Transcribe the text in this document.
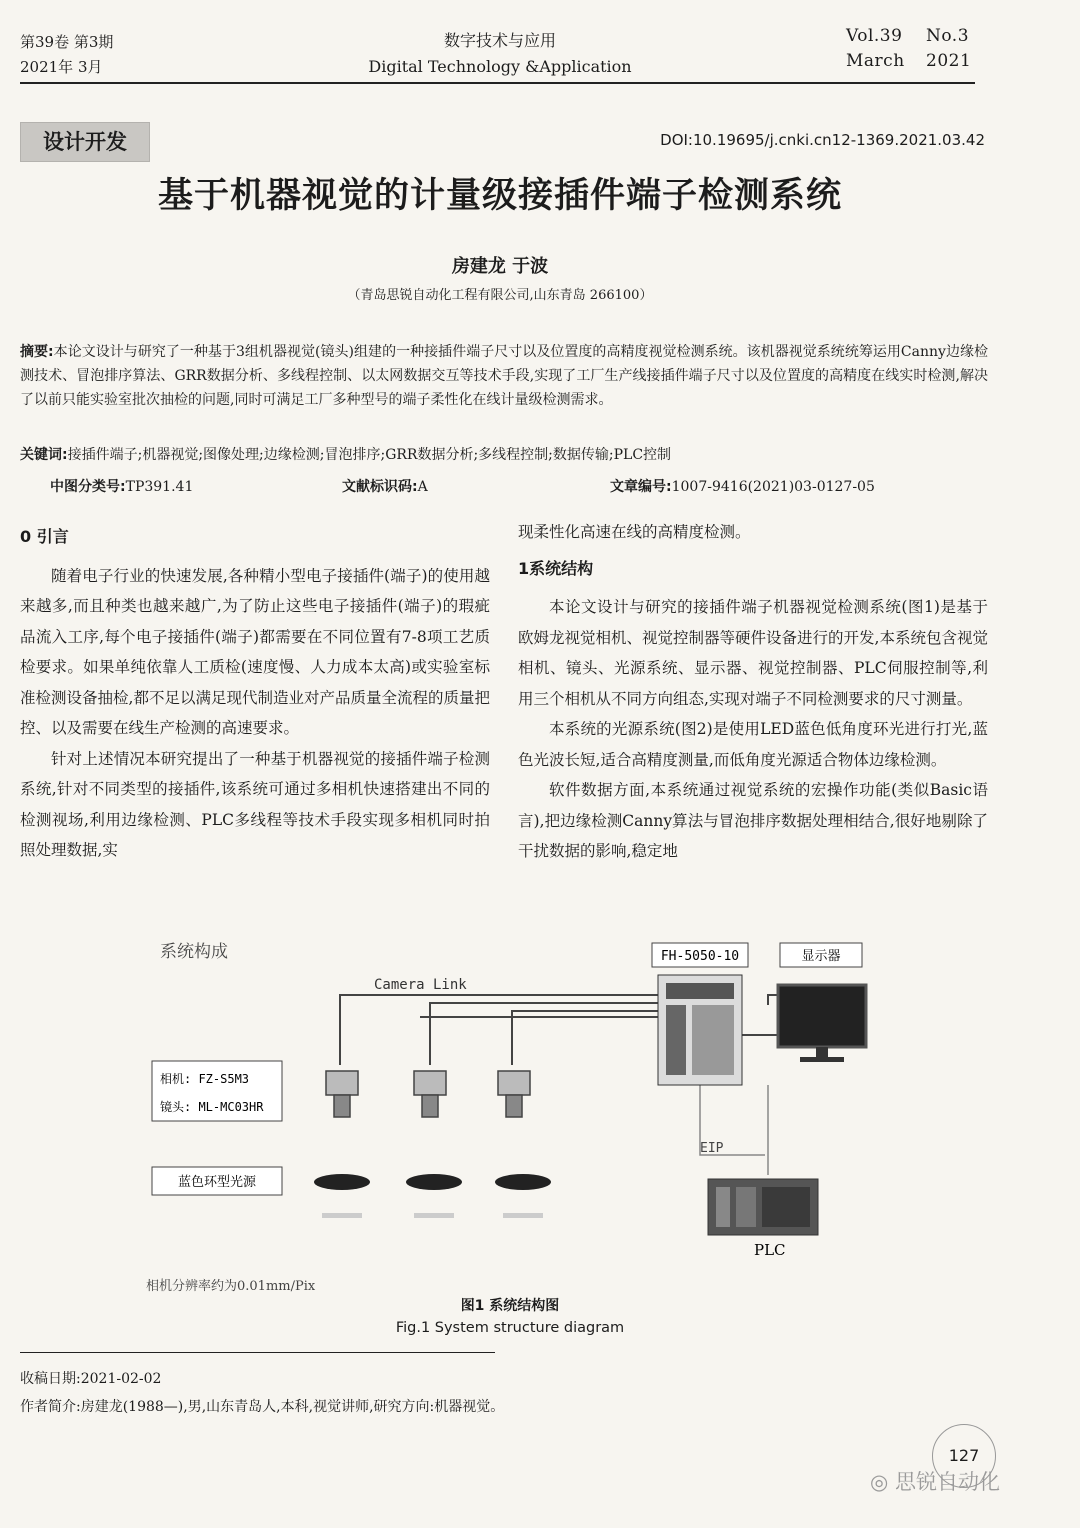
第39卷 第3期
2021年 3月
数字技术与应用
Digital Technology &Application
Vol.39 No.3
March 2021
设计开发	DOI:10.19695/j.cnki.cn12-1369.2021.03.42
基于机器视觉的计量级接插件端子检测系统
房建龙 于波
（青岛思锐自动化工程有限公司,山东青岛 266100）
摘要:本论文设计与研究了一种基于3组机器视觉(镜头)组建的一种接插件端子尺寸以及位置度的高精度视觉检测系统。该机器视觉系统统筹运用Canny边缘检测技术、冒泡排序算法、GRR数据分析、多线程控制、以太网数据交互等技术手段,实现了工厂生产线接插件端子尺寸以及位置度的高精度在线实时检测,解决了以前只能实验室批次抽检的问题,同时可满足工厂多种型号的端子柔性化在线计量级检测需求。
关键词:接插件端子;机器视觉;图像处理;边缘检测;冒泡排序;GRR数据分析;多线程控制;数据传输;PLC控制
中图分类号:TP391.41	文献标识码:A	文章编号:1007-9416(2021)03-0127-05

0 引言

随着电子行业的快速发展,各种精小型电子接插件(端子)的使用越来越多,而且种类也越来越广,为了防止这些电子接插件(端子)的瑕疵品流入工序,每个电子接插件(端子)都需要在不同位置有7-8项工艺质检要求。如果单纯依靠人工质检(速度慢、人力成本太高)或实验室标准检测设备抽检,都不足以满足现代制造业对产品质量全流程的质量把控、以及需要在线生产检测的高速要求。

针对上述情况本研究提出了一种基于机器视觉的接插件端子检测系统,针对不同类型的接插件,该系统可通过多相机快速搭建出不同的检测视场,利用边缘检测、PLC多线程等技术手段实现多相机同时拍照处理数据,实

现柔性化高速在线的高精度检测。

1系统结构

本论文设计与研究的接插件端子机器视觉检测系统(图1)是基于欧姆龙视觉相机、视觉控制器等硬件设备进行的开发,本系统包含视觉相机、镜头、光源系统、显示器、视觉控制器、PLC伺服控制等,利用三个相机从不同方向组态,实现对端子不同检测要求的尺寸测量。

本系统的光源系统(图2)是使用LED蓝色低角度环光进行打光,蓝色光波长短,适合高精度测量,而低角度光源适合物体边缘检测。

软件数据方面,本系统通过视觉系统的宏操作功能(类似Basic语言),把边缘检测Canny算法与冒泡排序数据处理相结合,很好地剔除了干扰数据的影响,稳定地

系统构成
Camera Link
FH-5050-10	显示器
相机: FZ-S5M3
镜头: ML-MC03HR
蓝色环型光源
EIP
PLC
相机分辨率约为0.01mm/Pix
图1 系统结构图
Fig.1 System structure diagram
收稿日期:2021-02-02
作者简介:房建龙(1988—),男,山东青岛人,本科,视觉讲师,研究方向:机器视觉。
127
◎ 思锐自动化
